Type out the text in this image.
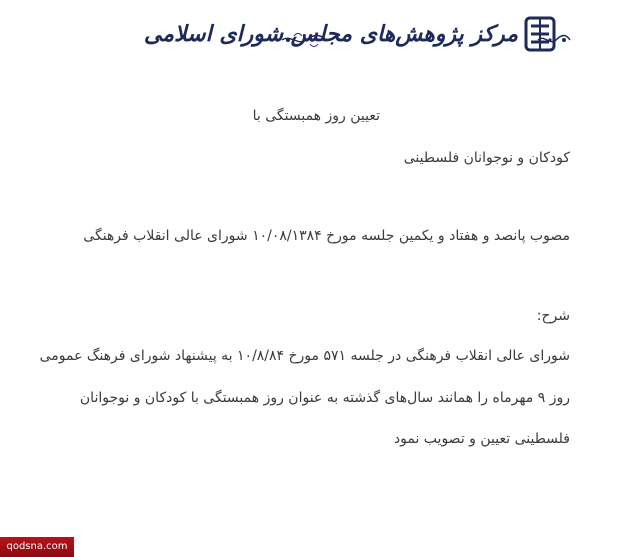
مرکز پژوهش‌های مجلس شورای اسلامی
تعیین روز همبستگی با
کودکان و نوجوانان فلسطینی
مصوب پانصد و هفتاد و یکمین جلسه مورخ ۱۰/۰۸/۱۳۸۴ شورای عالی انقلاب فرهنگی
شرح:
شورای عالی انقلاب فرهنگی در جلسه ۵۷۱ مورخ ۱۰/۸/۸۴ به پیشنهاد شورای فرهنگ عمومی
روز ۹ مهرماه را همانند سال‌های گذشته به عنوان روز همبستگی با کودکان و نوجوانان
فلسطینی تعیین و تصویب نمود
qodsna.com
